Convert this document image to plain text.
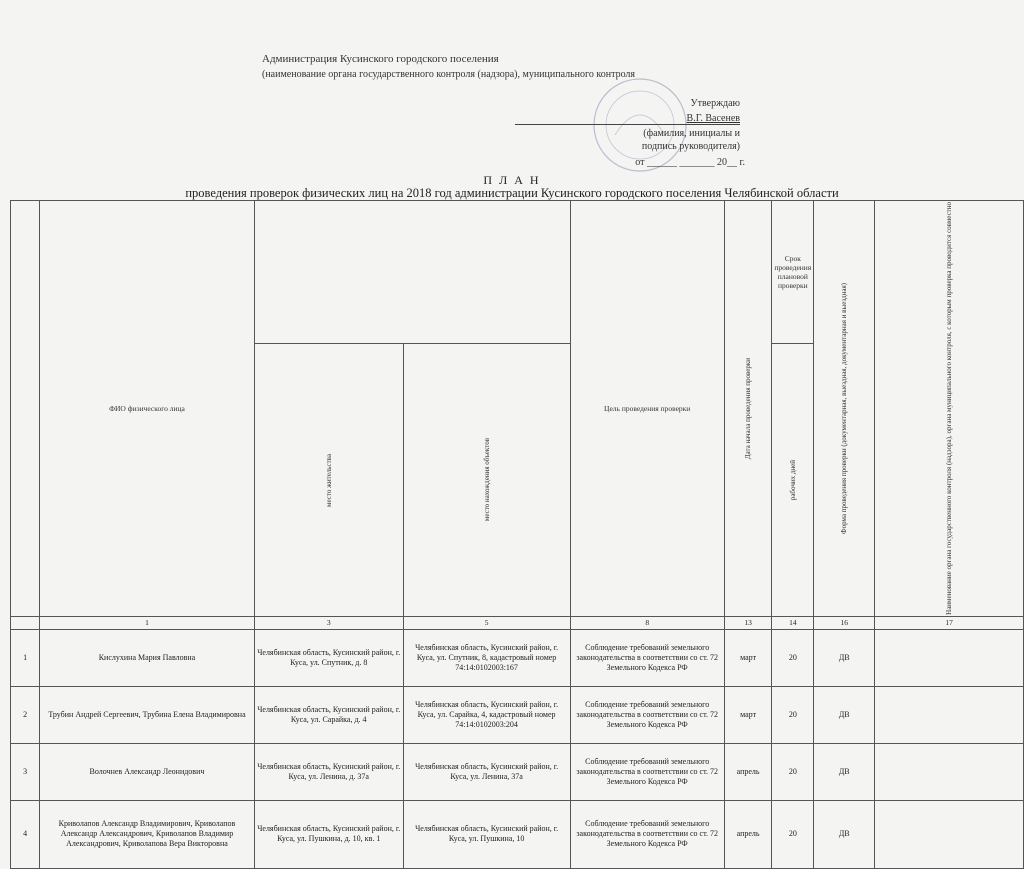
Администрация Кусинского городского поселения
(наименование органа государственного контроля (надзора), муниципального контроля
Утверждаю
В.Г. Васенев
(фамилия, инициалы и
подпись руководителя)
от ______ _______ 20__ г.
П Л А Н
проведения проверок физических лиц на 2018 год администрации Кусинского городского поселения Челябинской области
	ФИО физического лица			Цель проведения проверки	Дата начала проведения проверки	Срок проведения плановой проверки	Форма проведения проверки (документарная, выездная, документарная и выездная)	Наименование органа государственного контроля (надзора), органа муниципального контроля, с которым проверка проводится совместно

		место жительства	место нахождения объектов			рабочих дней		

	1	3	5	8	13	14	16	17
1	Кислухина Мария Павловна	Челябинская область, Кусинский район, г. Куса, ул. Спутник, д. 8	Челябинская область, Кусинский район, г. Куса, ул. Спутник, 8, кадастровый номер 74:14:0102003:167	Соблюдение требований земельного законодательства в соответствии со ст. 72 Земельного Кодекса РФ	март	20	ДВ	
2	Трубин Андрей Сергеевич, Трубина Елена Владимировна	Челябинская область, Кусинский район, г. Куса, ул. Сарайка, д. 4	Челябинская область, Кусинский район, г. Куса, ул. Сарайка, 4, кадастровый номер 74:14:0102003:204	Соблюдение требований земельного законодательства в соответствии со ст. 72 Земельного Кодекса РФ	март	20	ДВ	
3	Волочнев Александр Леонидович	Челябинская область, Кусинский район, г. Куса, ул. Ленина, д. 37а	Челябинская область, Кусинский район, г. Куса, ул. Ленина, 37а	Соблюдение требований земельного законодательства в соответствии со ст. 72 Земельного Кодекса РФ	апрель	20	ДВ	
4	Криволапов Александр Владимирович, Криволапов Александр Александрович, Криволапов Владимир Александрович, Криволапова Вера Викторовна	Челябинская область, Кусинский район, г. Куса, ул. Пушкина, д. 10, кв. 1	Челябинская область, Кусинский район, г. Куса, ул. Пушкина, 10	Соблюдение требований земельного законодательства в соответствии со ст. 72 Земельного Кодекса РФ	апрель	20	ДВ	
